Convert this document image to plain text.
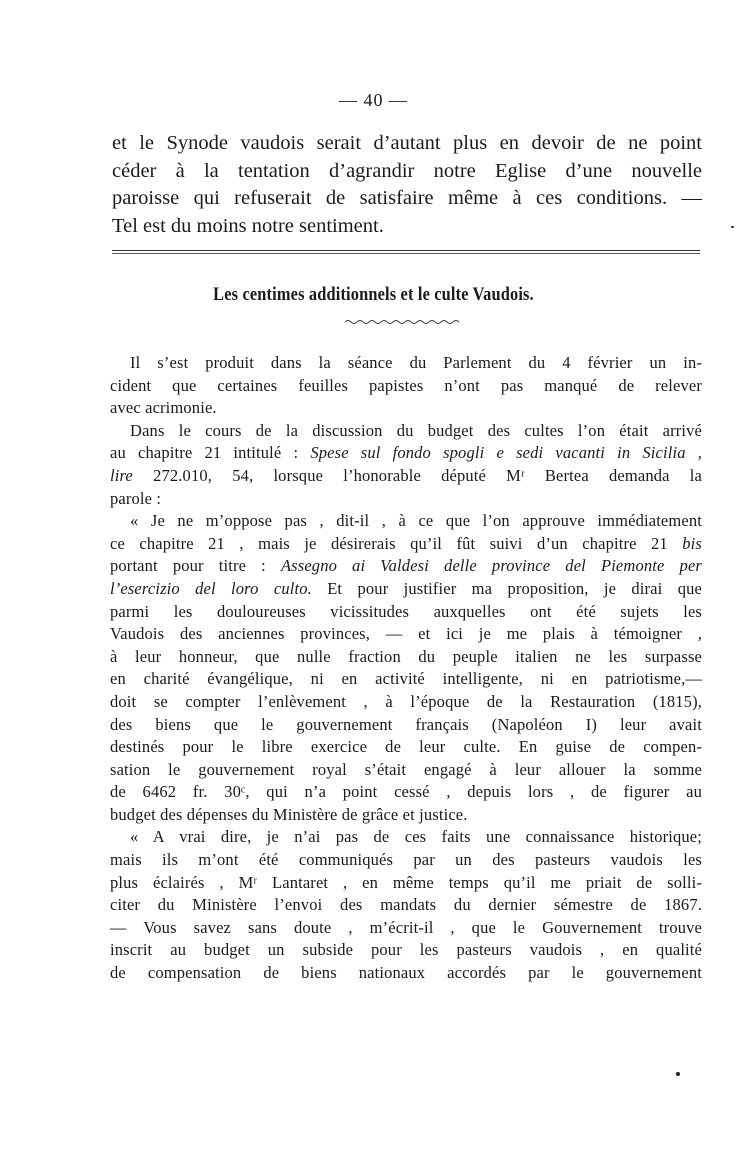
— 40 —
et le Synode vaudois serait d’autant plus en devoir de ne point
céder à la tentation d’agrandir notre Eglise d’une nouvelle
paroisse qui refuserait de satisfaire même à ces conditions. —
Tel est du moins notre sentiment.
Les centimes additionnels et le culte Vaudois.
Il s’est produit dans la séance du Parlement du 4 février un in-
cident que certaines feuilles papistes n’ont pas manqué de relever
avec acrimonie.
Dans le cours de la discussion du budget des cultes l’on était arrivé
au chapitre 21 intitulé : Spese sul fondo spogli e sedi vacanti in Sicilia ,
lire 272.010, 54, lorsque l’honorable député Mʳ Bertea demanda la
parole :
« Je ne m’oppose pas , dit-il , à ce que l’on approuve immédiatement
ce chapitre 21 , mais je désirerais qu’il fût suivi d’un chapitre 21 bis
portant pour titre : Assegno ai Valdesi delle province del Piemonte per
l’esercizio del loro culto. Et pour justifier ma proposition, je dirai que
parmi les douloureuses vicissitudes auxquelles ont été sujets les
Vaudois des anciennes provinces, — et ici je me plais à témoigner ,
à leur honneur, que nulle fraction du peuple italien ne les surpasse
en charité évangélique, ni en activité intelligente, ni en patriotisme,—
doit se compter l’enlèvement , à l’époque de la Restauration (1815),
des biens que le gouvernement français (Napoléon I) leur avait
destinés pour le libre exercice de leur culte. En guise de compen-
sation le gouvernement royal s’était engagé à leur allouer la somme
de 6462 fr. 30ᶜ, qui n’a point cessé , depuis lors , de figurer au
budget des dépenses du Ministère de grâce et justice.
« A vrai dire, je n’ai pas de ces faits une connaissance historique;
mais ils m’ont été communiqués par un des pasteurs vaudois les
plus éclairés , Mʳ Lantaret , en même temps qu’il me priait de solli-
citer du Ministère l’envoi des mandats du dernier sémestre de 1867.
— Vous savez sans doute , m’écrit-il , que le Gouvernement trouve
inscrit au budget un subside pour les pasteurs vaudois , en qualité
de compensation de biens nationaux accordés par le gouvernement
